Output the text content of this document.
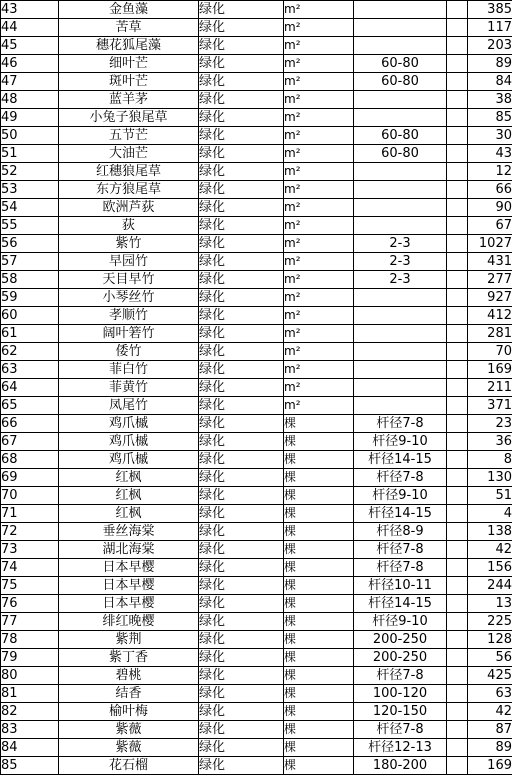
43	金鱼藻	绿化	m²			385
44	苦草	绿化	m²			117
45	穗花狐尾藻	绿化	m²			203
46	细叶芒	绿化	m²	60-80		89
47	斑叶芒	绿化	m²	60-80		84
48	蓝羊茅	绿化	m²			38
49	小兔子狼尾草	绿化	m²			85
50	五节芒	绿化	m²	60-80		30
51	大油芒	绿化	m²	60-80		43
52	红穗狼尾草	绿化	m²			12
53	东方狼尾草	绿化	m²			66
54	欧洲芦荻	绿化	m²			90
55	荻	绿化	m²			67
56	紫竹	绿化	m²	2-3		1027
57	早园竹	绿化	m²	2-3		431
58	天目早竹	绿化	m²	2-3		277
59	小琴丝竹	绿化	m²			927
60	孝顺竹	绿化	m²			412
61	阔叶箬竹	绿化	m²			281
62	倭竹	绿化	m²			70
63	菲白竹	绿化	m²			169
64	菲黄竹	绿化	m²			211
65	凤尾竹	绿化	m²			371
66	鸡爪槭	绿化	棵	杆径7-8		23
67	鸡爪槭	绿化	棵	杆径9-10		36
68	鸡爪槭	绿化	棵	杆径14-15		8
69	红枫	绿化	棵	杆径7-8		130
70	红枫	绿化	棵	杆径9-10		51
71	红枫	绿化	棵	杆径14-15		4
72	垂丝海棠	绿化	棵	杆径8-9		138
73	湖北海棠	绿化	棵	杆径7-8		42
74	日本早樱	绿化	棵	杆径7-8		156
75	日本早樱	绿化	棵	杆径10-11		244
76	日本早樱	绿化	棵	杆径14-15		13
77	绯红晚樱	绿化	棵	杆径9-10		225
78	紫荆	绿化	棵	200-250		128
79	紫丁香	绿化	棵	200-250		56
80	碧桃	绿化	棵	杆径7-8		425
81	结香	绿化	棵	100-120		63
82	榆叶梅	绿化	棵	120-150		42
83	紫薇	绿化	棵	杆径7-8		87
84	紫薇	绿化	棵	杆径12-13		89
85	花石榴	绿化	棵	180-200		169
